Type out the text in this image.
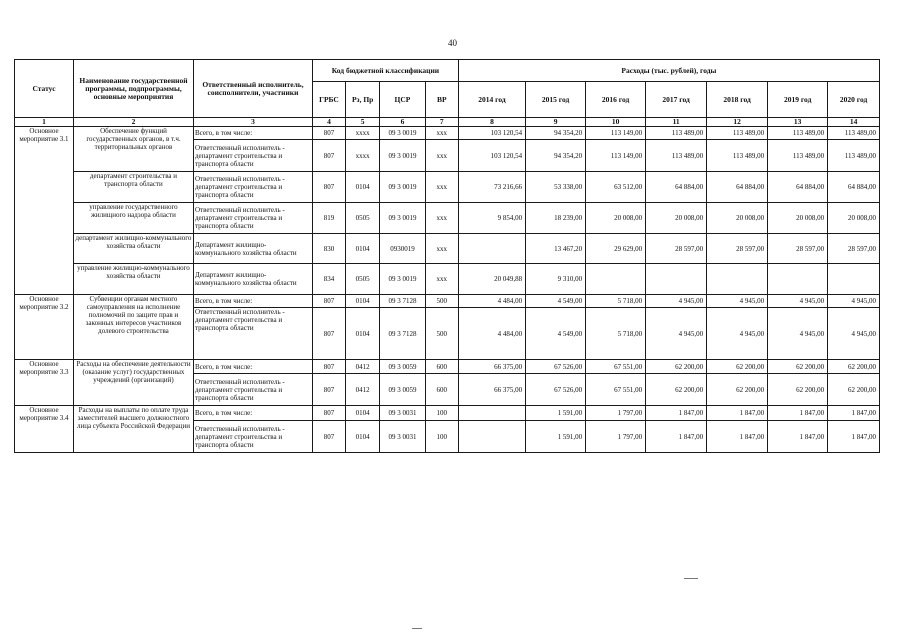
40
Статус	Наименование государственной программы, подпрограммы, основные мероприятия	Ответственный исполнитель, соисполнители, участники	Код бюджетной классификации				Расходы (тыс. рублей), годы						
			ГРБС	Рз, Пр	ЦСР	ВР	2014 год	2015 год	2016 год	2017 год	2018 год	2019 год	2020 год
1	2	3	4	5	6	7	8	9	10	11	12	13	14
Основное мероприятие 3.1	Обеспечение функций государственных органов, в т.ч. территориальных органов	Всего, в том числе:	807	xxxx	09 3 0019	xxx	103 120,54	94 354,20	113 149,00	113 489,00	113 489,00	113 489,00	113 489,00
		Ответственный исполнитель - департамент строительства и транспорта области	807	xxxx	09 3 0019	xxx	103 120,54	94 354,20	113 149,00	113 489,00	113 489,00	113 489,00	113 489,00
	департамент строительства и транспорта области	Ответственный исполнитель - департамент строительства и транспорта области	807	0104	09 3 0019	xxx	73 216,66	53 338,00	63 512,00	64 884,00	64 884,00	64 884,00	64 884,00
	управление государственного жилищного надзора области	Ответственный исполнитель - департамент строительства и транспорта области	819	0505	09 3 0019	xxx	9 854,00	18 239,00	20 008,00	20 008,00	20 008,00	20 008,00	20 008,00
	департамент жилищно-коммунального хозяйства области	Департамент жилищно-коммунального хозяйства области	830	0104	0930019	xxx		13 467,20	29 629,00	28 597,00	28 597,00	28 597,00	28 597,00
	управление жилищно-коммунального хозяйства области	Департамент жилищно-коммунального хозяйства области	834	0505	09 3 0019	xxx	20 049,88	9 310,00					
Основное мероприятие 3.2	Субвенции органам местного самоуправления на исполнение полномочий по защите прав и законных интересов участников долевого строительства	Всего, в том числе:	807	0104	09 3 7128	500	4 484,00	4 549,00	5 718,00	4 945,00	4 945,00	4 945,00	4 945,00
		Ответственный исполнитель - департамент строительства и транспорта области	807	0104	09 3 7128	500	4 484,00	4 549,00	5 718,00	4 945,00	4 945,00	4 945,00	4 945,00
Основное мероприятие 3.3	Расходы на обеспечение деятельности (оказание услуг) государственных учреждений (организаций)	Всего, в том числе:	807	0412	09 3 0059	600	66 375,00	67 526,00	67 551,00	62 200,00	62 200,00	62 200,00	62 200,00
		Ответственный исполнитель - департамент строительства и транспорта области	807	0412	09 3 0059	600	66 375,00	67 526,00	67 551,00	62 200,00	62 200,00	62 200,00	62 200,00
Основное мероприятие 3.4	Расходы на выплаты по оплате труда заместителей высшего должностного лица субъекта Российской Федерации	Всего, в том числе:	807	0104	09 3 0031	100		1 591,00	1 797,00	1 847,00	1 847,00	1 847,00	1 847,00
		Ответственный исполнитель - департамент строительства и транспорта области	807	0104	09 3 0031	100		1 591,00	1 797,00	1 847,00	1 847,00	1 847,00	1 847,00
